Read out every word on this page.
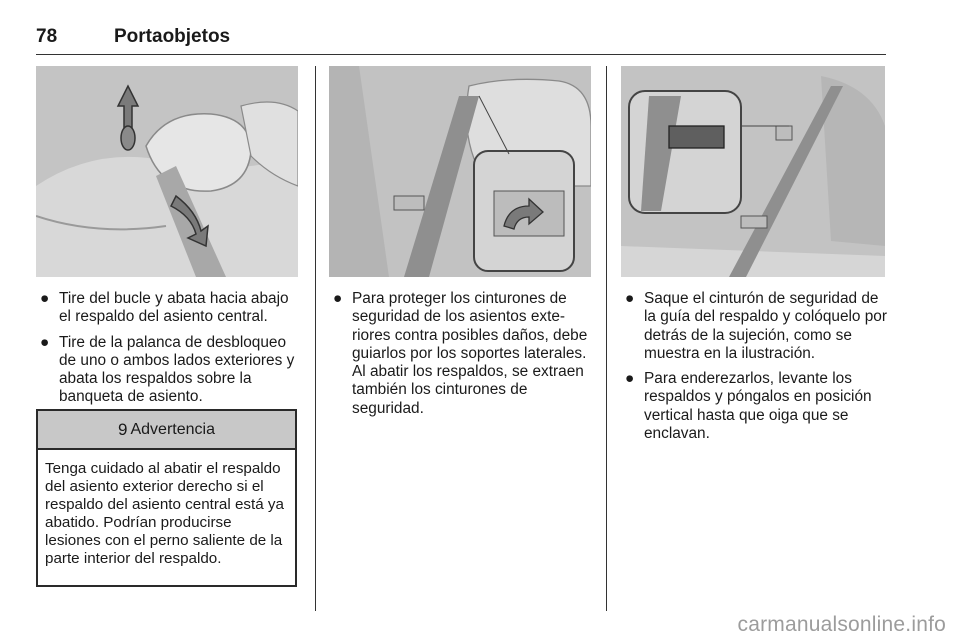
78	Portaobjetos
● Tire del bucle y abata hacia abajo el respaldo del asiento central.
● Tire de la palanca de desbloqueo de uno o ambos lados exteriores y abata los respaldos sobre la banqueta de asiento.
9 Advertencia
Tenga cuidado al abatir el respaldo del asiento exterior derecho si el respaldo del asiento central está ya abatido. Podrían producirse lesiones con el perno saliente de la parte interior del respaldo.
● Para proteger los cinturones de seguridad de los asientos exteriores contra posibles daños, debe guiarlos por los soportes laterales. Al abatir los respaldos, se extraen también los cinturones de seguridad.
● Saque el cinturón de seguridad de la guía del respaldo y colóquelo por detrás de la sujeción, como se muestra en la ilustración.
● Para enderezarlos, levante los respaldos y póngalos en posición vertical hasta que oiga que se enclavan.
carmanualsonline.info
